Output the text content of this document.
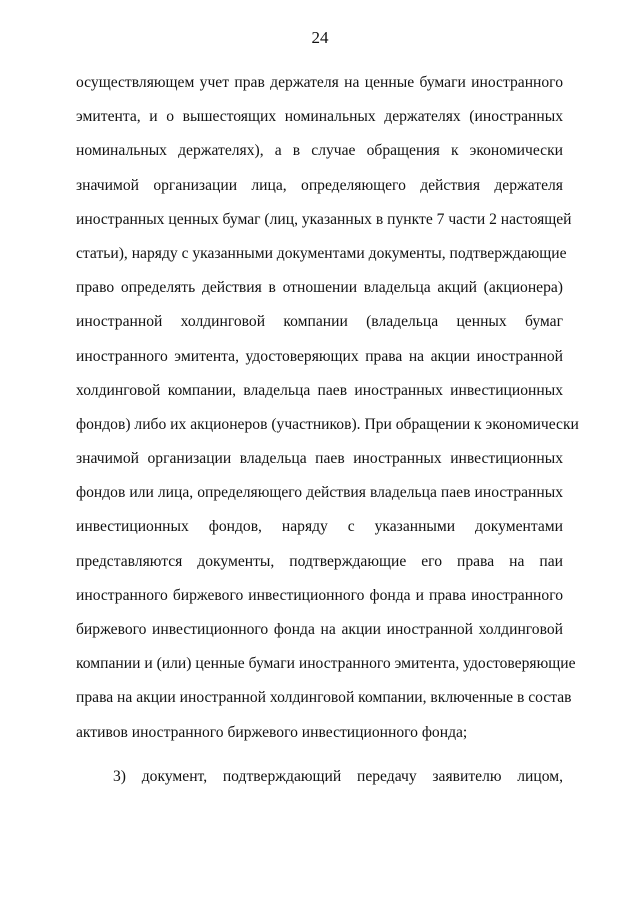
24
осуществляющем учет прав держателя на ценные бумаги иностранного
эмитента, и о вышестоящих номинальных держателях (иностранных
номинальных держателях), а в случае обращения к экономически
значимой организации лица, определяющего действия держателя
иностранных ценных бумаг (лиц, указанных в пункте 7 части 2 настоящей
статьи), наряду с указанными документами документы, подтверждающие
право определять действия в отношении владельца акций (акционера)
иностранной холдинговой компании (владельца ценных бумаг
иностранного эмитента, удостоверяющих права на акции иностранной
холдинговой компании, владельца паев иностранных инвестиционных
фондов) либо их акционеров (участников). При обращении к экономически
значимой организации владельца паев иностранных инвестиционных
фондов или лица, определяющего действия владельца паев иностранных
инвестиционных фондов, наряду с указанными документами
представляются документы, подтверждающие его права на паи
иностранного биржевого инвестиционного фонда и права иностранного
биржевого инвестиционного фонда на акции иностранной холдинговой
компании и (или) ценные бумаги иностранного эмитента, удостоверяющие
права на акции иностранной холдинговой компании, включенные в состав
активов иностранного биржевого инвестиционного фонда;
3) документ, подтверждающий передачу заявителю лицом,
